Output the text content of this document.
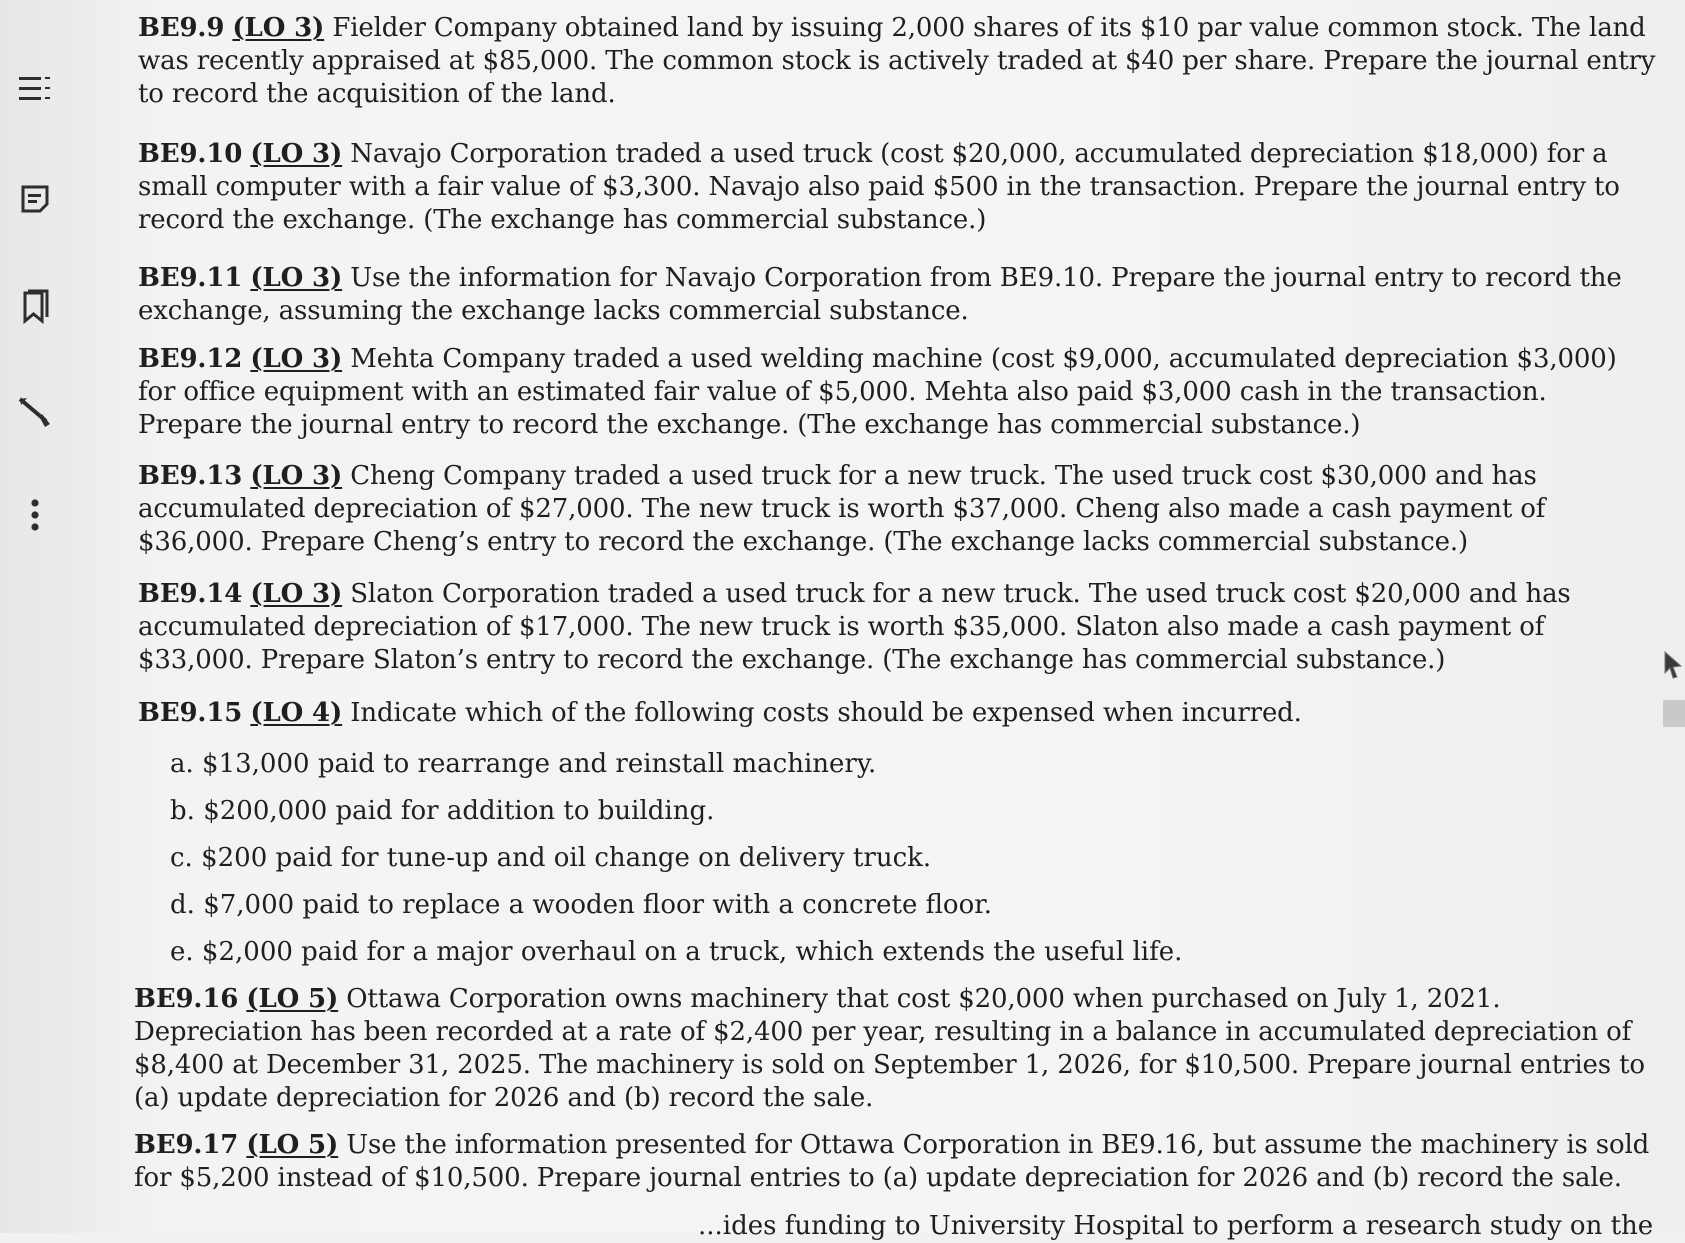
BE9.9 (LO 3) Fielder Company obtained land by issuing 2,000 shares of its $10 par value common stock. The land was recently appraised at $85,000. The common stock is actively traded at $40 per share. Prepare the journal entry to record the acquisition of the land.
BE9.10 (LO 3) Navajo Corporation traded a used truck (cost $20,000, accumulated depreciation $18,000) for a small computer with a fair value of $3,300. Navajo also paid $500 in the transaction. Prepare the journal entry to record the exchange. (The exchange has commercial substance.)
BE9.11 (LO 3) Use the information for Navajo Corporation from BE9.10. Prepare the journal entry to record the exchange, assuming the exchange lacks commercial substance.
BE9.12 (LO 3) Mehta Company traded a used welding machine (cost $9,000, accumulated depreciation $3,000) for office equipment with an estimated fair value of $5,000. Mehta also paid $3,000 cash in the transaction. Prepare the journal entry to record the exchange. (The exchange has commercial substance.)
BE9.13 (LO 3) Cheng Company traded a used truck for a new truck. The used truck cost $30,000 and has accumulated depreciation of $27,000. The new truck is worth $37,000. Cheng also made a cash payment of $36,000. Prepare Cheng’s entry to record the exchange. (The exchange lacks commercial substance.)
BE9.14 (LO 3) Slaton Corporation traded a used truck for a new truck. The used truck cost $20,000 and has accumulated depreciation of $17,000. The new truck is worth $35,000. Slaton also made a cash payment of $33,000. Prepare Slaton’s entry to record the exchange. (The exchange has commercial substance.)
BE9.15 (LO 4) Indicate which of the following costs should be expensed when incurred.
a. $13,000 paid to rearrange and reinstall machinery.
b. $200,000 paid for addition to building.
c. $200 paid for tune-up and oil change on delivery truck.
d. $7,000 paid to replace a wooden floor with a concrete floor.
e. $2,000 paid for a major overhaul on a truck, which extends the useful life.
BE9.16 (LO 5) Ottawa Corporation owns machinery that cost $20,000 when purchased on July 1, 2021. Depreciation has been recorded at a rate of $2,400 per year, resulting in a balance in accumulated depreciation of $8,400 at December 31, 2025. The machinery is sold on September 1, 2026, for $10,500. Prepare journal entries to (a) update depreciation for 2026 and (b) record the sale.
BE9.17 (LO 5) Use the information presented for Ottawa Corporation in BE9.16, but assume the machinery is sold for $5,200 instead of $10,500. Prepare journal entries to (a) update depreciation for 2026 and (b) record the sale.
...ides funding to University Hospital to perform a research study on the
